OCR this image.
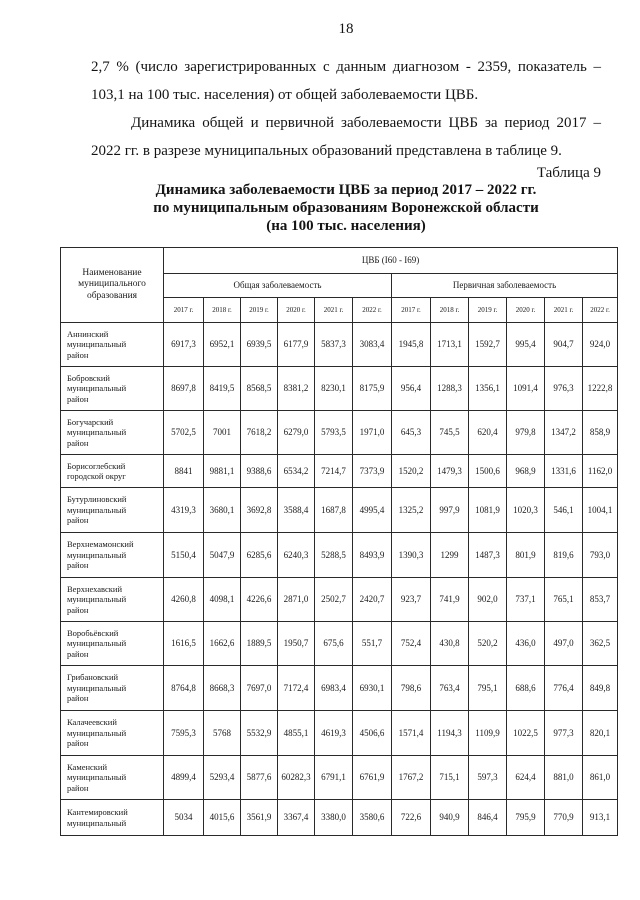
18
2,7 % (число зарегистрированных с данным диагнозом - 2359, показатель –
103,1 на 100 тыс. населения) от общей заболеваемости ЦВБ.
Динамика общей и первичной заболеваемости ЦВБ за период 2017 –
2022 гг. в разрезе муниципальных образований представлена в таблице 9.
Таблица 9
Динамика заболеваемости ЦВБ за период 2017 – 2022 гг.
по муниципальным образованиям Воронежской области
(на 100 тыс. населения)
Наименование муниципального образования	ЦВБ (I60 - I69)											
	Общая заболеваемость						Первичная заболеваемость					
	2017 г.	2018 г.	2019 г.	2020 г.	2021 г.	2022 г.	2017 г.	2018 г.	2019 г.	2020 г.	2021 г.	2022 г.

Аннинский муниципальный район	6917,3	6952,1	6939,5	6177,9	5837,3	3083,4	1945,8	1713,1	1592,7	995,4	904,7	924,0

Бобровский муниципальный район	8697,8	8419,5	8568,5	8381,2	8230,1	8175,9	956,4	1288,3	1356,1	1091,4	976,3	1222,8

Богучарский муниципальный район	5702,5	7001	7618,2	6279,0	5793,5	1971,0	645,3	745,5	620,4	979,8	1347,2	858,9

Борисоглебский городской округ	8841	9881,1	9388,6	6534,2	7214,7	7373,9	1520,2	1479,3	1500,6	968,9	1331,6	1162,0

Бутурлиновский муниципальный район	4319,3	3680,1	3692,8	3588,4	1687,8	4995,4	1325,2	997,9	1081,9	1020,3	546,1	1004,1

Верхнемамонский муниципальный район	5150,4	5047,9	6285,6	6240,3	5288,5	8493,9	1390,3	1299	1487,3	801,9	819,6	793,0

Верхнехавский муниципальный район	4260,8	4098,1	4226,6	2871,0	2502,7	2420,7	923,7	741,9	902,0	737,1	765,1	853,7

Воробьёвский муниципальный район	1616,5	1662,6	1889,5	1950,7	675,6	551,7	752,4	430,8	520,2	436,0	497,0	362,5

Грибановский муниципальный район	8764,8	8668,3	7697,0	7172,4	6983,4	6930,1	798,6	763,4	795,1	688,6	776,4	849,8

Калачеевский муниципальный район	7595,3	5768	5532,9	4855,1	4619,3	4506,6	1571,4	1194,3	1109,9	1022,5	977,3	820,1

Каменский муниципальный район	4899,4	5293,4	5877,6	60282,3	6791,1	6761,9	1767,2	715,1	597,3	624,4	881,0	861,0

Кантемировский муниципальный	5034	4015,6	3561,9	3367,4	3380,0	3580,6	722,6	940,9	846,4	795,9	770,9	913,1
